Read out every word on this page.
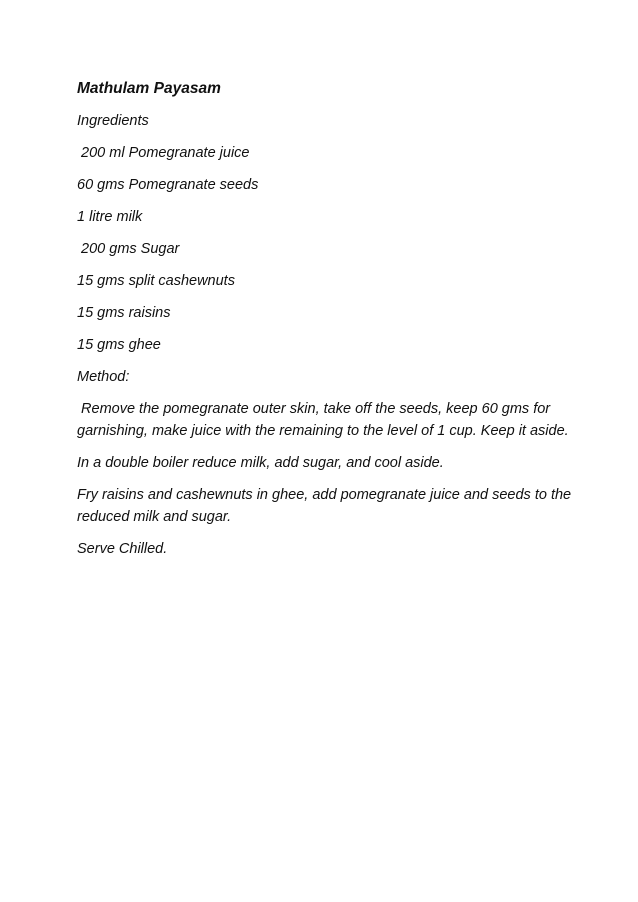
Mathulam Payasam
Ingredients
200 ml Pomegranate juice
60 gms Pomegranate seeds
1 litre milk
200 gms Sugar
15 gms split cashewnuts
15 gms raisins
15 gms ghee
Method:
Remove the pomegranate outer skin, take off the seeds, keep 60 gms for garnishing, make juice with the remaining to the level of 1 cup. Keep it aside.
In a double boiler reduce milk, add sugar, and cool aside.
Fry raisins and cashewnuts in ghee, add pomegranate juice and seeds to the reduced milk and sugar.
Serve Chilled.
